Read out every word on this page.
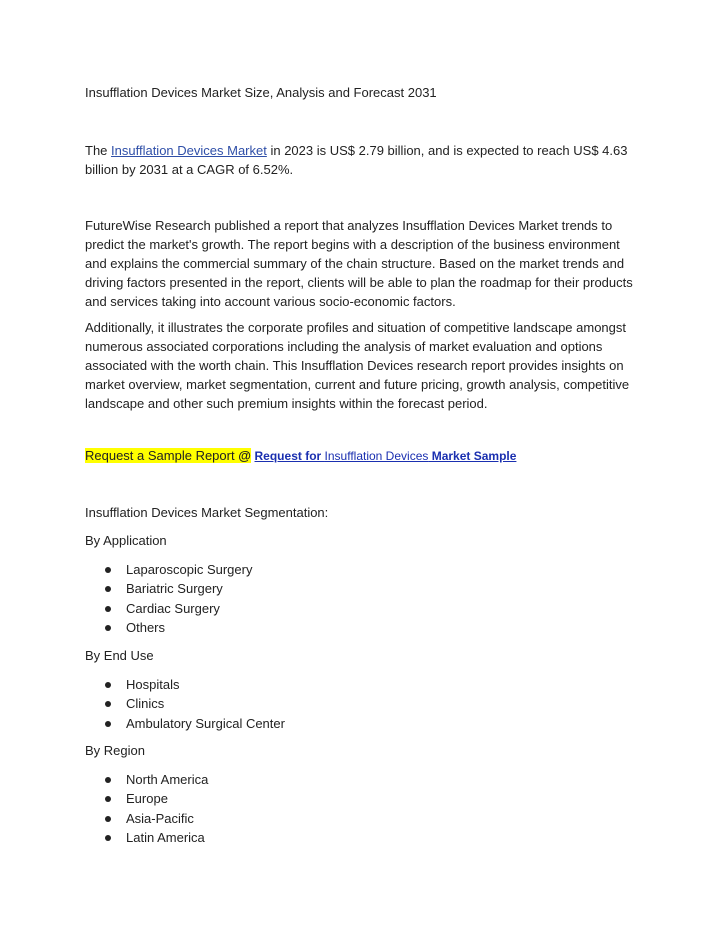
Insufflation Devices Market Size, Analysis and Forecast 2031
The Insufflation Devices Market in 2023 is US$ 2.79 billion, and is expected to reach US$ 4.63 billion by 2031 at a CAGR of 6.52%.
FutureWise Research published a report that analyzes Insufflation Devices Market trends to predict the market's growth. The report begins with a description of the business environment and explains the commercial summary of the chain structure. Based on the market trends and driving factors presented in the report, clients will be able to plan the roadmap for their products and services taking into account various socio-economic factors.
Additionally, it illustrates the corporate profiles and situation of competitive landscape amongst numerous associated corporations including the analysis of market evaluation and options associated with the worth chain. This Insufflation Devices research report provides insights on market overview, market segmentation, current and future pricing, growth analysis, competitive landscape and other such premium insights within the forecast period.
Request a Sample Report @ Request for Insufflation Devices Market Sample
Insufflation Devices Market Segmentation:
By Application
Laparoscopic Surgery
Bariatric Surgery
Cardiac Surgery
Others
By End Use
Hospitals
Clinics
Ambulatory Surgical Center
By Region
North America
Europe
Asia-Pacific
Latin America
